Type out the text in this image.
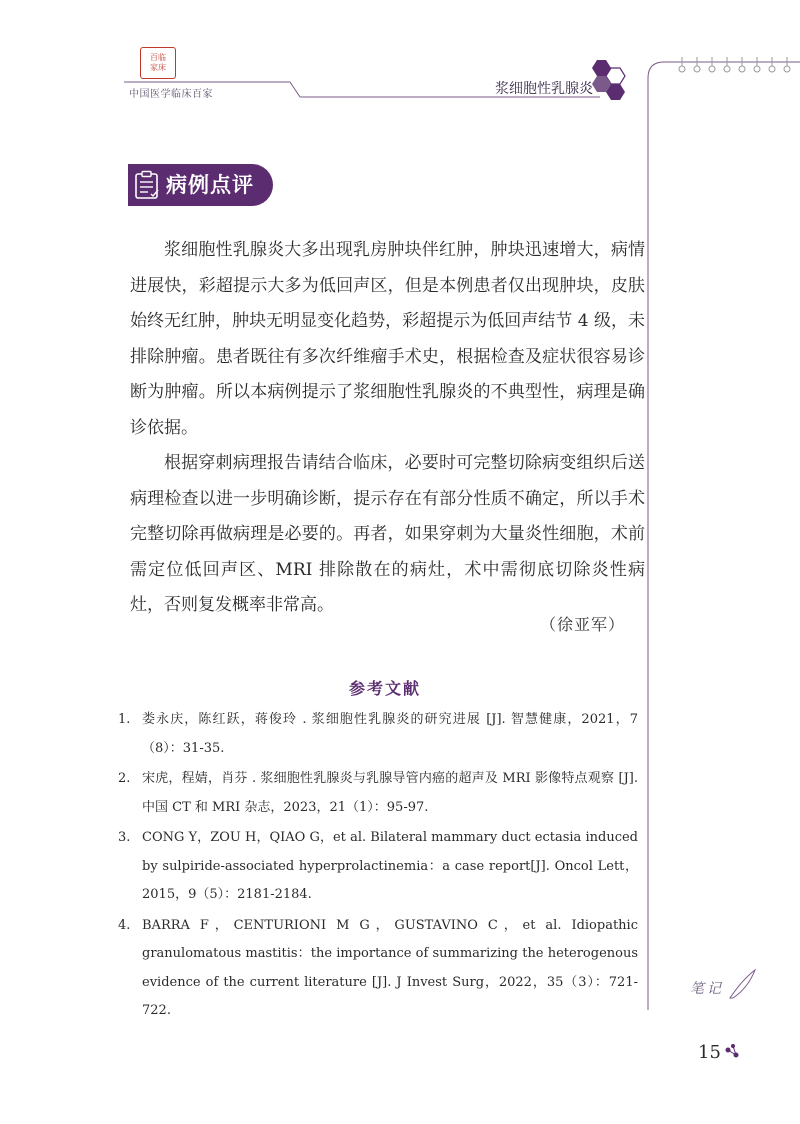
百临
家床
中国医学临床百家	浆细胞性乳腺炎
病例点评

浆细胞性乳腺炎大多出现乳房肿块伴红肿，肿块迅速增大，病情进展快，彩超提示大多为低回声区，但是本例患者仅出现肿块，皮肤始终无红肿，肿块无明显变化趋势，彩超提示为低回声结节 4 级，未排除肿瘤。患者既往有多次纤维瘤手术史，根据检查及症状很容易诊断为肿瘤。所以本病例提示了浆细胞性乳腺炎的不典型性，病理是确诊依据。

根据穿刺病理报告请结合临床，必要时可完整切除病变组织后送病理检查以进一步明确诊断，提示存在有部分性质不确定，所以手术完整切除再做病理是必要的。再者，如果穿刺为大量炎性细胞，术前需定位低回声区、MRI 排除散在的病灶，术中需彻底切除炎性病灶，否则复发概率非常高。

（徐亚军）
参考文献
1. 娄永庆，陈红跃，蒋俊玲 . 浆细胞性乳腺炎的研究进展 [J]. 智慧健康，2021，7（8）：31-35.
2. 宋虎，程婧，肖芬 . 浆细胞性乳腺炎与乳腺导管内癌的超声及 MRI 影像特点观察 [J]. 中国 CT 和 MRI 杂志，2023，21（1）：95-97.
3. CONG Y，ZOU H，QIAO G，et al. Bilateral mammary duct ectasia induced by sulpiride-associated hyperprolactinemia：a case report[J]. Oncol Lett，2015，9（5）：2181-2184.
4. BARRA F，CENTURIONI M G，GUSTAVINO C，et al. Idiopathic granulomatous mastitis：the importance of summarizing the heterogenous evidence of the current literature [J]. J Invest Surg，2022，35（3）：721-722.
笔记
15
